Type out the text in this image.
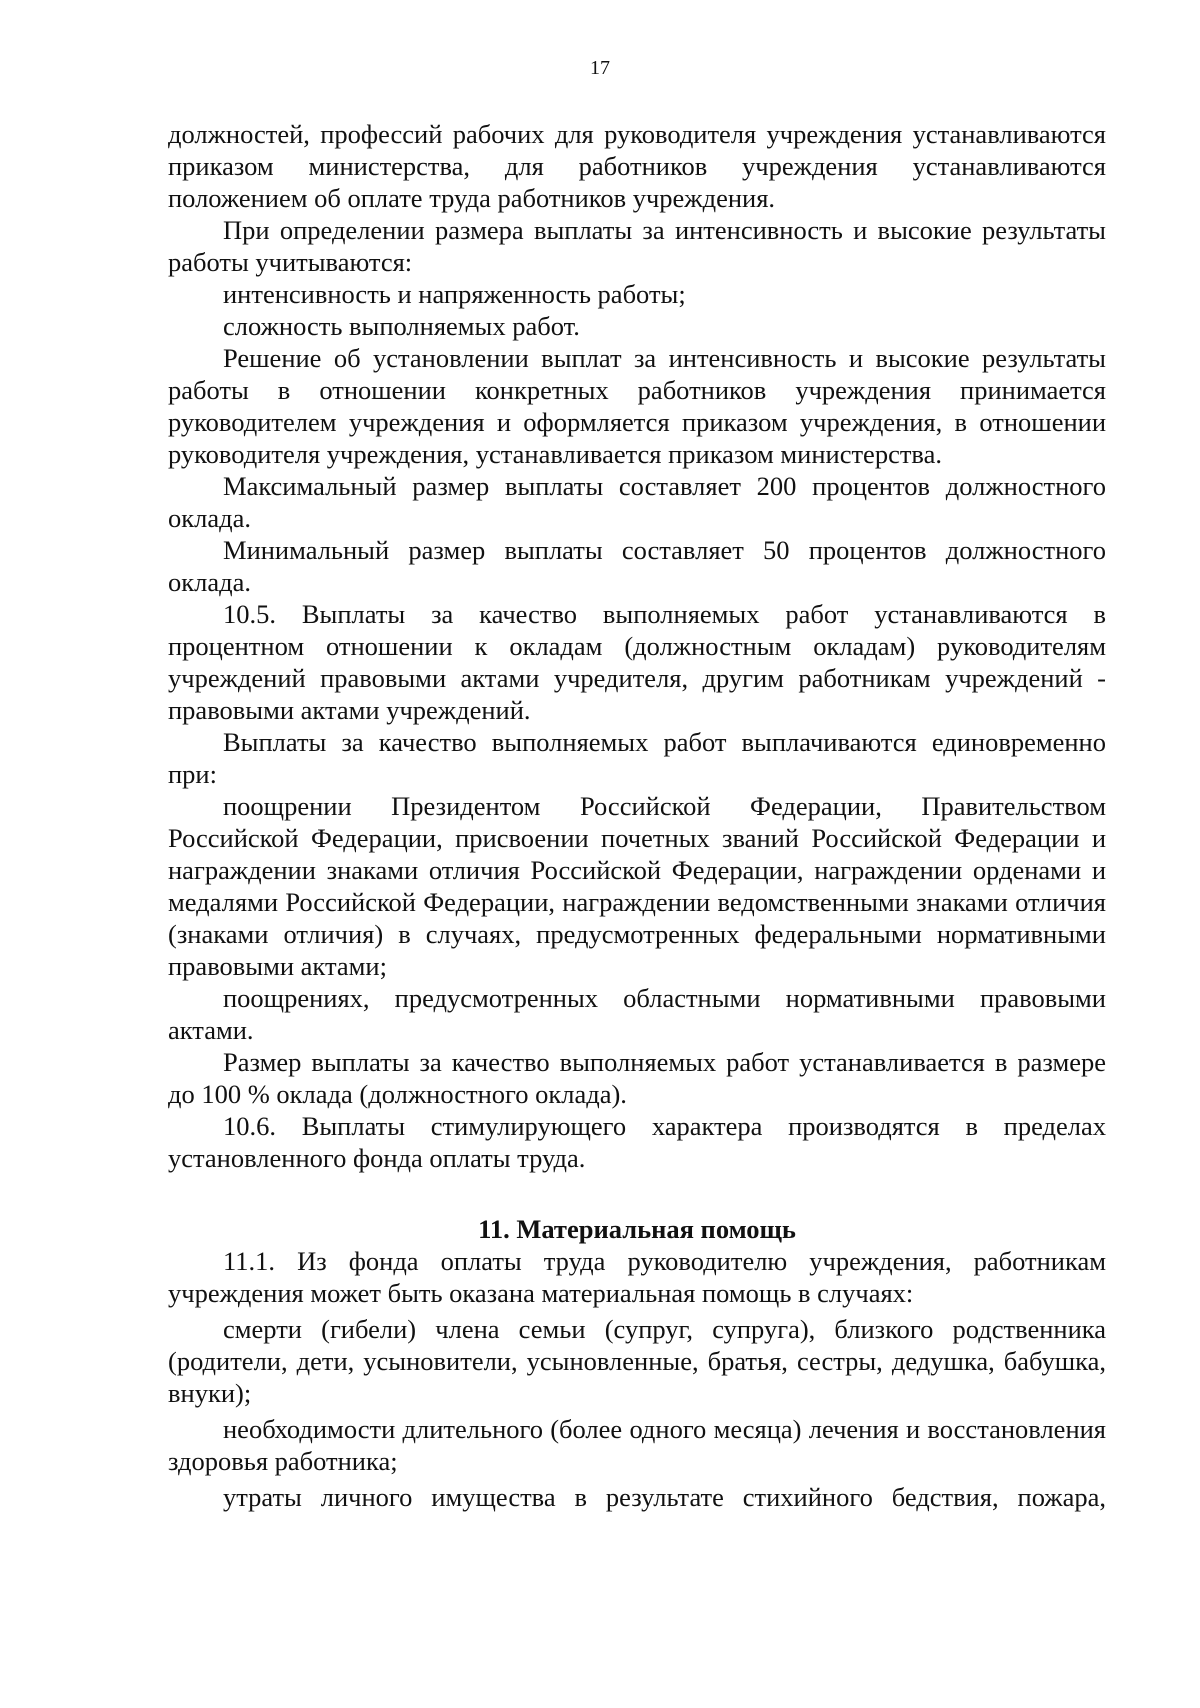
17

должностей, профессий рабочих для руководителя учреждения устанавливаются приказом министерства, для работников учреждения устанавливаются положением об оплате труда работников учреждения.

При определении размера выплаты за интенсивность и высокие результаты работы учитываются:

интенсивность и напряженность работы;

сложность выполняемых работ.

Решение об установлении выплат за интенсивность и высокие результаты работы в отношении конкретных работников учреждения принимается руководителем учреждения и оформляется приказом учреждения, в отношении руководителя учреждения, устанавливается приказом министерства.

Максимальный размер выплаты составляет 200 процентов должностного оклада.

Минимальный размер выплаты составляет 50 процентов должностного оклада.

10.5. Выплаты за качество выполняемых работ устанавливаются в процентном отношении к окладам (должностным окладам) руководителям учреждений правовыми актами учредителя, другим работникам учреждений - правовыми актами учреждений.

Выплаты за качество выполняемых работ выплачиваются единовременно при:

поощрении Президентом Российской Федерации, Правительством Российской Федерации, присвоении почетных званий Российской Федерации и награждении знаками отличия Российской Федерации, награждении орденами и медалями Российской Федерации, награждении ведомственными знаками отличия (знаками отличия) в случаях, предусмотренных федеральными нормативными правовыми актами;

поощрениях, предусмотренных областными нормативными правовыми актами.

Размер выплаты за качество выполняемых работ устанавливается в размере до 100 % оклада (должностного оклада).

10.6. Выплаты стимулирующего характера производятся в пределах установленного фонда оплаты труда.

11. Материальная помощь

11.1. Из фонда оплаты труда руководителю учреждения, работникам учреждения может быть оказана материальная помощь в случаях:

смерти (гибели) члена семьи (супруг, супруга), близкого родственника (родители, дети, усыновители, усыновленные, братья, сестры, дедушка, бабушка, внуки);

необходимости длительного (более одного месяца) лечения и восстановления здоровья работника;

утраты личного имущества в результате стихийного бедствия, пожара,
